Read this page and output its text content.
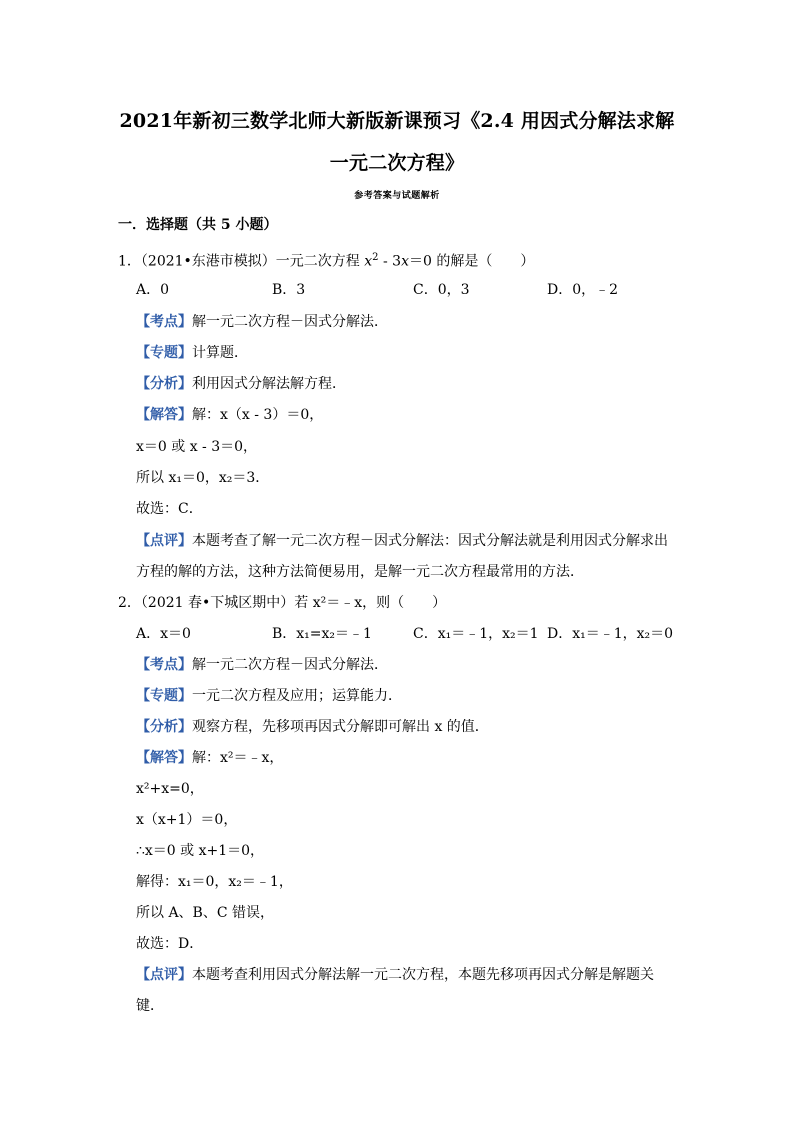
2021年新初三数学北师大新版新课预习《2.4 用因式分解法求解
一元二次方程》
参考答案与试题解析
一．选择题（共 5 小题）
1．（2021•东港市模拟）一元二次方程 $x^2 - 3x=0$ 的解是（　　）
A．0	B．3	C．0，3	D．0，﹣2
【考点】解一元二次方程－因式分解法．
【专题】计算题．
【分析】利用因式分解法解方程．
【解答】解：x（x - 3）＝0，
x＝0 或 x - 3＝0，
所以 x₁＝0，x₂＝3．
故选：C．
【点评】本题考查了解一元二次方程－因式分解法：因式分解法就是利用因式分解求出
方程的解的方法，这种方法简便易用，是解一元二次方程最常用的方法．
2．（2021 春•下城区期中）若 x²＝﹣x，则（　　）
A．x＝0	B．x₁=x₂＝﹣1	C．x₁＝﹣1，x₂＝1 D．x₁＝﹣1，x₂＝0
【考点】解一元二次方程－因式分解法．
【专题】一元二次方程及应用；运算能力．
【分析】观察方程，先移项再因式分解即可解出 x 的值．
【解答】解：x²＝﹣x，
x²+x=0，
x（x+1）＝0，
∴x＝0 或 x+1＝0，
解得：x₁＝0，x₂＝﹣1，
所以 A、B、C 错误，
故选：D．
【点评】本题考查利用因式分解法解一元二次方程，本题先移项再因式分解是解题关
键．
